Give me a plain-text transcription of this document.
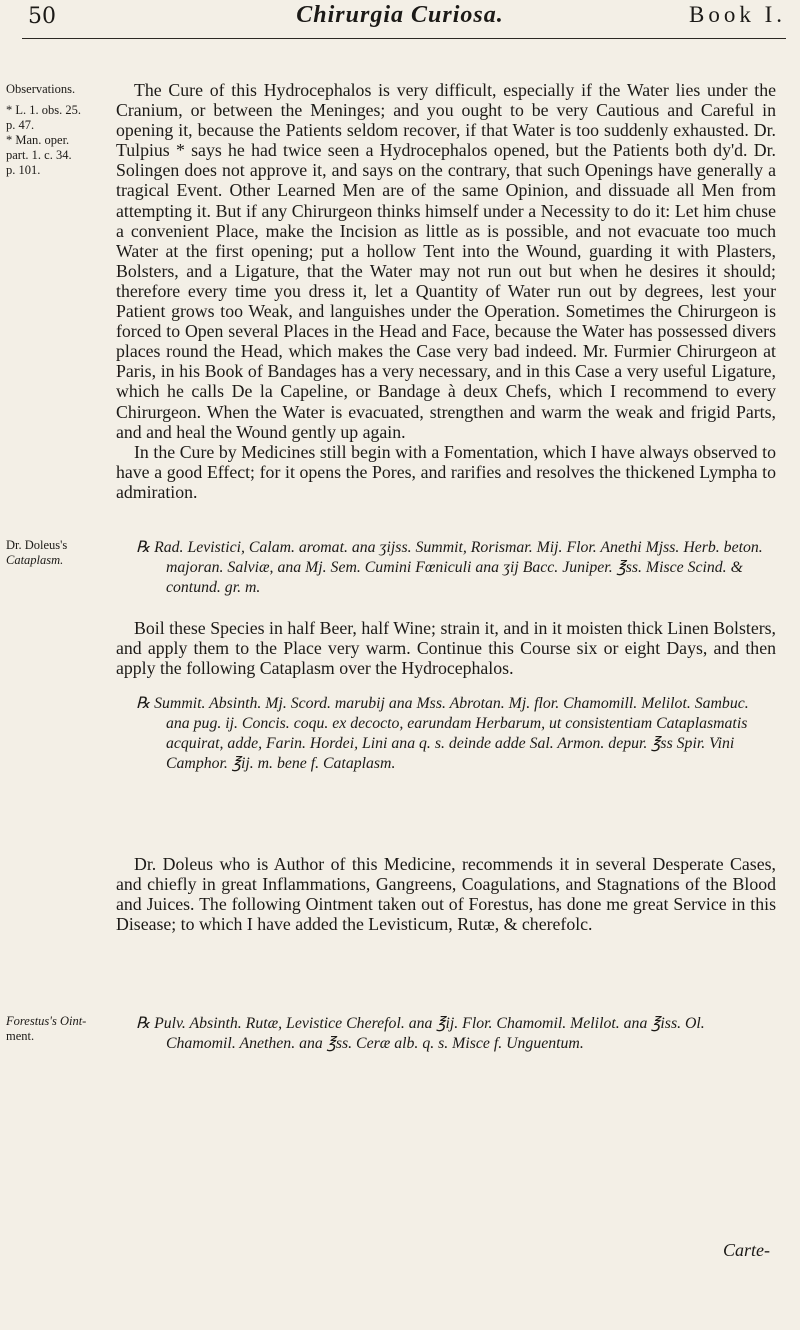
50	Chirurgia Curiosa.	Book I.
Observations.
* L. 1. obs. 25.
p. 47.
* Man. oper.
part. 1. c. 34.
p. 101.
Dr. Doleus's
Cataplasm.
Forestus's Oint-
ment.

The Cure of this Hydrocephalos is very difficult, especially if the Water lies under the Cranium, or between the Meninges; and you ought to be very Cautious and Careful in opening it, because the Patients seldom recover, if that Water is too suddenly exhausted. Dr. Tulpius * says he had twice seen a Hydrocephalos opened, but the Patients both dy'd. Dr. Solingen does not approve it, and says on the contrary, that such Openings have generally a tragical Event. Other Learned Men are of the same Opinion, and dissuade all Men from attempting it. But if any Chirurgeon thinks himself under a Necessity to do it: Let him chuse a convenient Place, make the Incision as little as is possible, and not evacuate too much Water at the first opening; put a hollow Tent into the Wound, guarding it with Plasters, Bolsters, and a Ligature, that the Water may not run out but when he desires it should; therefore every time you dress it, let a Quantity of Water run out by degrees, lest your Patient grows too Weak, and languishes under the Operation. Sometimes the Chirurgeon is forced to Open several Places in the Head and Face, because the Water has possessed divers places round the Head, which makes the Case very bad indeed. Mr. Furmier Chirurgeon at Paris, in his Book of Bandages has a very necessary, and in this Case a very useful Ligature, which he calls De la Capeline, or Bandage à deux Chefs, which I recommend to every Chirurgeon. When the Water is evacuated, strengthen and warm the weak and frigid Parts, and and heal the Wound gently up again.

In the Cure by Medicines still begin with a Fomentation, which I have always observed to have a good Effect; for it opens the Pores, and rarifies and resolves the thickened Lympha to admiration.

℞ Rad. Levistici, Calam. aromat. ana ʒijss. Summit, Rorismar. Mij. Flor. Anethi Mjss. Herb. beton. majoran. Salviæ, ana Mj. Sem. Cumini Fœniculi ana ʒij Bacc. Juniper. ℥ss. Misce Scind. & contund. gr. m.

Boil these Species in half Beer, half Wine; strain it, and in it moisten thick Linen Bolsters, and apply them to the Place very warm. Continue this Course six or eight Days, and then apply the following Cataplasm over the Hydrocephalos.

℞ Summit. Absinth. Mj. Scord. marubij ana Mss. Abrotan. Mj. flor. Chamomill. Melilot. Sambuc. ana pug. ij. Concis. coqu. ex decocto, earundam Herbarum, ut consistentiam Cataplasmatis acquirat, adde, Farin. Hordei, Lini ana q. s. deinde adde Sal. Armon. depur. ℥ss Spir. Vini Camphor. ℥ij. m. bene f. Cataplasm.

Dr. Doleus who is Author of this Medicine, recommends it in several Desperate Cases, and chiefly in great Inflammations, Gangreens, Coagulations, and Stagnations of the Blood and Juices. The following Ointment taken out of Forestus, has done me great Service in this Disease; to which I have added the Levisticum, Rutæ, & cherefolc.

℞ Pulv. Absinth. Rutæ, Levistice Cherefol. ana ℥ij. Flor. Chamomil. Melilot. ana ℥iss. Ol. Chamomil. Anethen. ana ℥ss. Ceræ alb. q. s. Misce f. Unguentum.

Carte-
